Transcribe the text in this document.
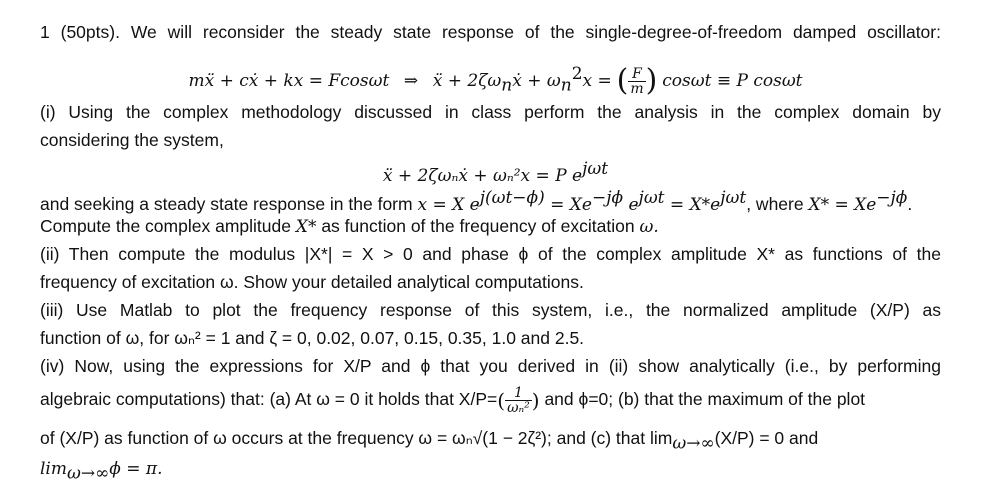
1 (50pts). We will reconsider the steady state response of the single-degree-of-freedom damped oscillator:
mẍ + cẋ + kx = Fcosωt ⇒ ẍ + $2\zeta\omega_nẋ + \omega_n^2x$ = ( $\frac{F}{m}$ ) cosωt ≡ P cosωt
(i) Using the complex methodology discussed in class perform the analysis in the complex domain by
considering the system,
ẍ + 2ζωₙẋ + ωₙ²x = P $e^{j\omega t}$
and seeking a steady state response in the form x = X $e^{j(\omega t-\phi)} = Xe^{-j\phi}$ $e^{j\omega t} = X*e^{j\omega t}$, where $X* = Xe^{-j\phi}$.
Compute the complex amplitude X* as function of the frequency of excitation ω.
(ii) Then compute the modulus |X*| = X > 0 and phase ϕ of the complex amplitude X* as functions of the
frequency of excitation ω. Show your detailed analytical computations.
(iii) Use Matlab to plot the frequency response of this system, i.e., the normalized amplitude (X/P) as
function of ω, for ωₙ² = 1 and ζ = 0, 0.02, 0.07, 0.15, 0.35, 1.0 and 2.5.
(iv) Now, using the expressions for X/P and ϕ that you derived in (ii) show analytically (i.e., by performing
algebraic computations) that: (a) At ω = 0 it holds that $X/P=( \frac{1}{\text{ωₙ²}}$ ) and ϕ=0; (b) that the maximum of the plot
of (X/P) as function of ω occurs at the frequency ω = ωₙ√(1 − 2ζ²); and (c) that $\lim_{\omega\to\infty}(X/P) = 0$ and
$\lim_{\omega\to\infty}\phi = \pi$.
